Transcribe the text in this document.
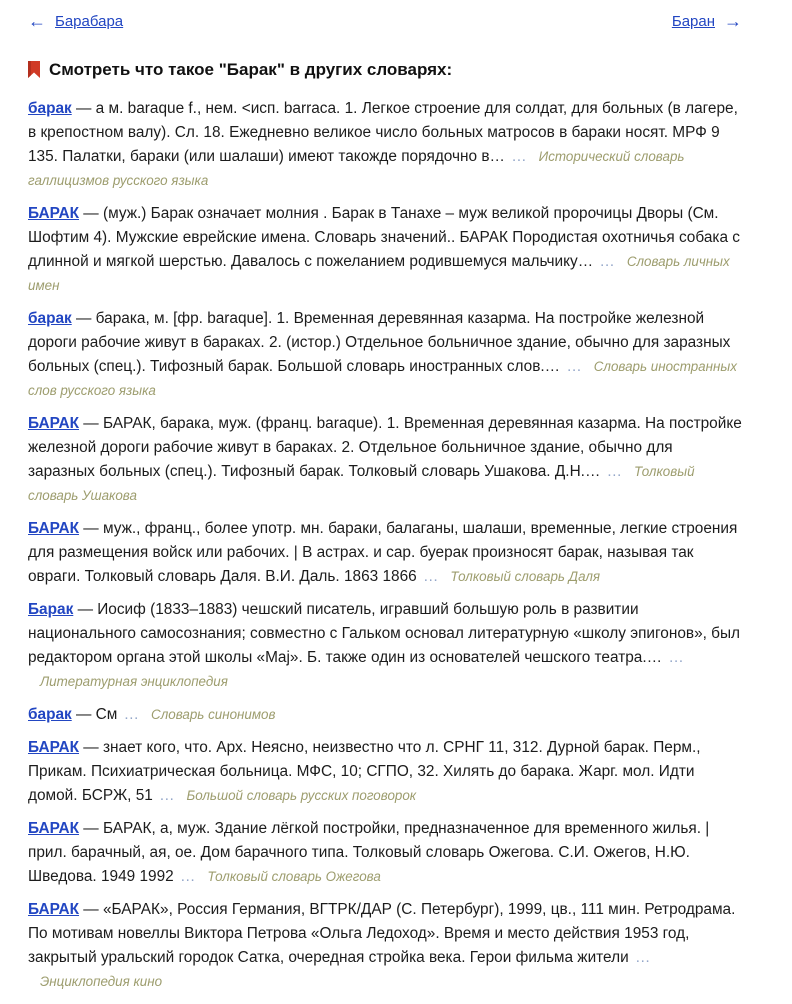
← Барабара	Баран →
Смотреть что такое "Барак" в других словарях:

барак — а м. baraque f., нем. <исп. barraca. 1. Легкое строение для солдат, для больных (в лагере, в крепостном валу). Сл. 18. Ежедневно великое число больных матросов в бараки носят. МРФ 9 135. Палатки, бараки (или шалаши) имеют такожде порядочно в… … Исторический словарь галлицизмов русского языка

БАРАК — (муж.) Барак означает молния . Барак в Танахе – муж великой пророчицы Дворы (См. Шофтим 4). Мужские еврейские имена. Словарь значений.. БАРАК Породистая охотничья собака с длинной и мягкой шерстью. Давалось с пожеланием родившемуся мальчику… … Словарь личных имен

барак — барака, м. [фр. baraque]. 1. Временная деревянная казарма. На постройке железной дороги рабочие живут в бараках. 2. (истор.) Отдельное больничное здание, обычно для заразных больных (спец.). Тифозный барак. Большой словарь иностранных слов.… … Словарь иностранных слов русского языка

БАРАК — БАРАК, барака, муж. (франц. baraque). 1. Временная деревянная казарма. На постройке железной дороги рабочие живут в бараках. 2. Отдельное больничное здание, обычно для заразных больных (спец.). Тифозный барак. Толковый словарь Ушакова. Д.Н.… … Толковый словарь Ушакова

БАРАК — муж., франц., более употр. мн. бараки, балаганы, шалаши, временные, легкие строения для размещения войск или рабочих. | В астрах. и сар. буерак произносят барак, называя так овраги. Толковый словарь Даля. В.И. Даль. 1863 1866 … Толковый словарь Даля

Барак — Иосиф (1833–1883) чешский писатель, игравший большую роль в развитии национального самосознания; совместно с Гальком основал литературную «школу эпигонов», был редактором органа этой школы «Maj». Б. также один из основателей чешского театра.… …Литературная энциклопедия

барак — См … Словарь синонимов

БАРАК — знает кого, что. Арх. Неясно, неизвестно что л. СРНГ 11, 312. Дурной барак. Перм., Прикам. Психиатрическая больница. МФС, 10; СГПО, 32. Хилять до барака. Жарг. мол. Идти домой. БСРЖ, 51 … Большой словарь русских поговорок

БАРАК — БАРАК, а, муж. Здание лёгкой постройки, предназначенное для временного жилья. | прил. барачный, ая, ое. Дом барачного типа. Толковый словарь Ожегова. С.И. Ожегов, Н.Ю. Шведова. 1949 1992 … Толковый словарь Ожегова

БАРАК — «БАРАК», Россия Германия, ВГТРК/ДАР (С. Петербург), 1999, цв., 111 мин. Ретродрама. По мотивам новеллы Виктора Петрова «Ольга Ледоход». Время и место действия 1953 год, закрытый уральский городок Сатка, очередная стройка века. Герои фильма жители …Энциклопедия кино
